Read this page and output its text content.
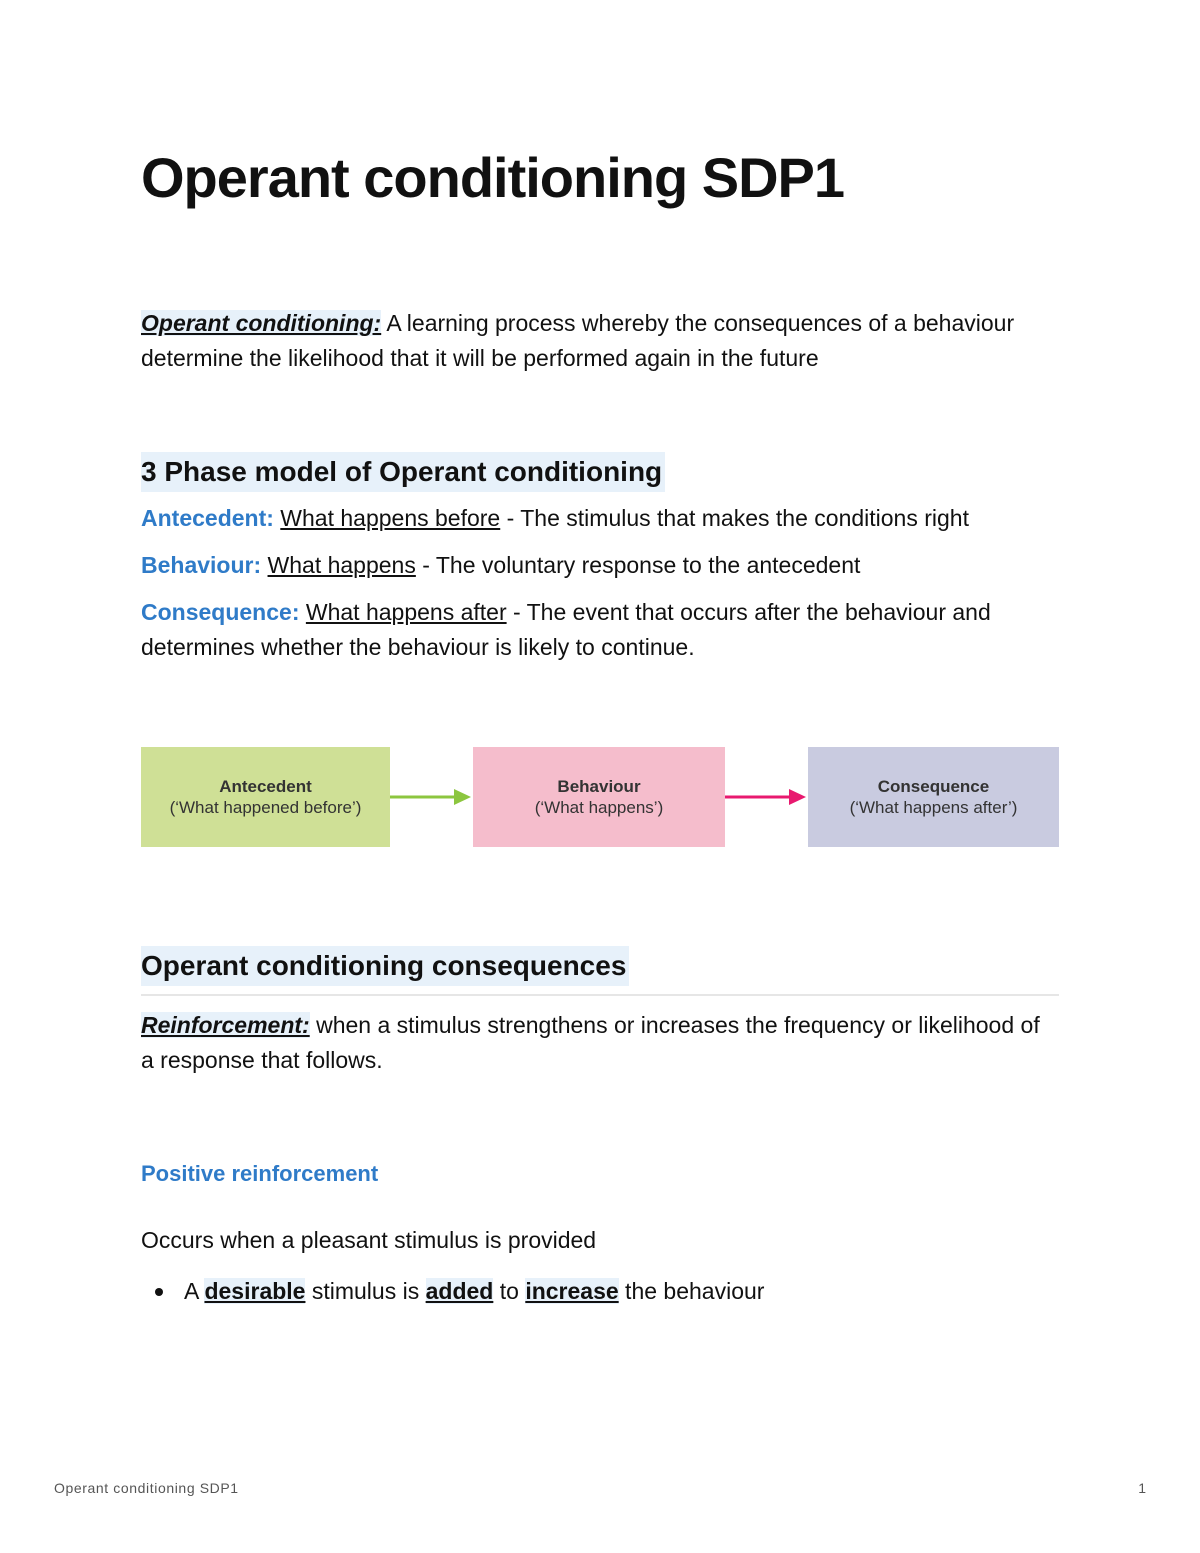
Operant conditioning SDP1

Operant conditioning: A learning process whereby the consequences of a behaviour determine the likelihood that it will be performed again in the future

3 Phase model of Operant conditioning

Antecedent: What happens before - The stimulus that makes the conditions right

Behaviour: What happens - The voluntary response to the antecedent

Consequence: What happens after - The event that occurs after the behaviour and determines whether the behaviour is likely to continue.

Antecedent
(‘What happened before’)
Behaviour
(‘What happens’)
Consequence
(‘What happens after’)
Operant conditioning consequences

Reinforcement: when a stimulus strengthens or increases the frequency or likelihood of a response that follows.

Positive reinforcement

Occurs when a pleasant stimulus is provided

A desirable stimulus is added to increase the behaviour
Operant conditioning SDP1	1
